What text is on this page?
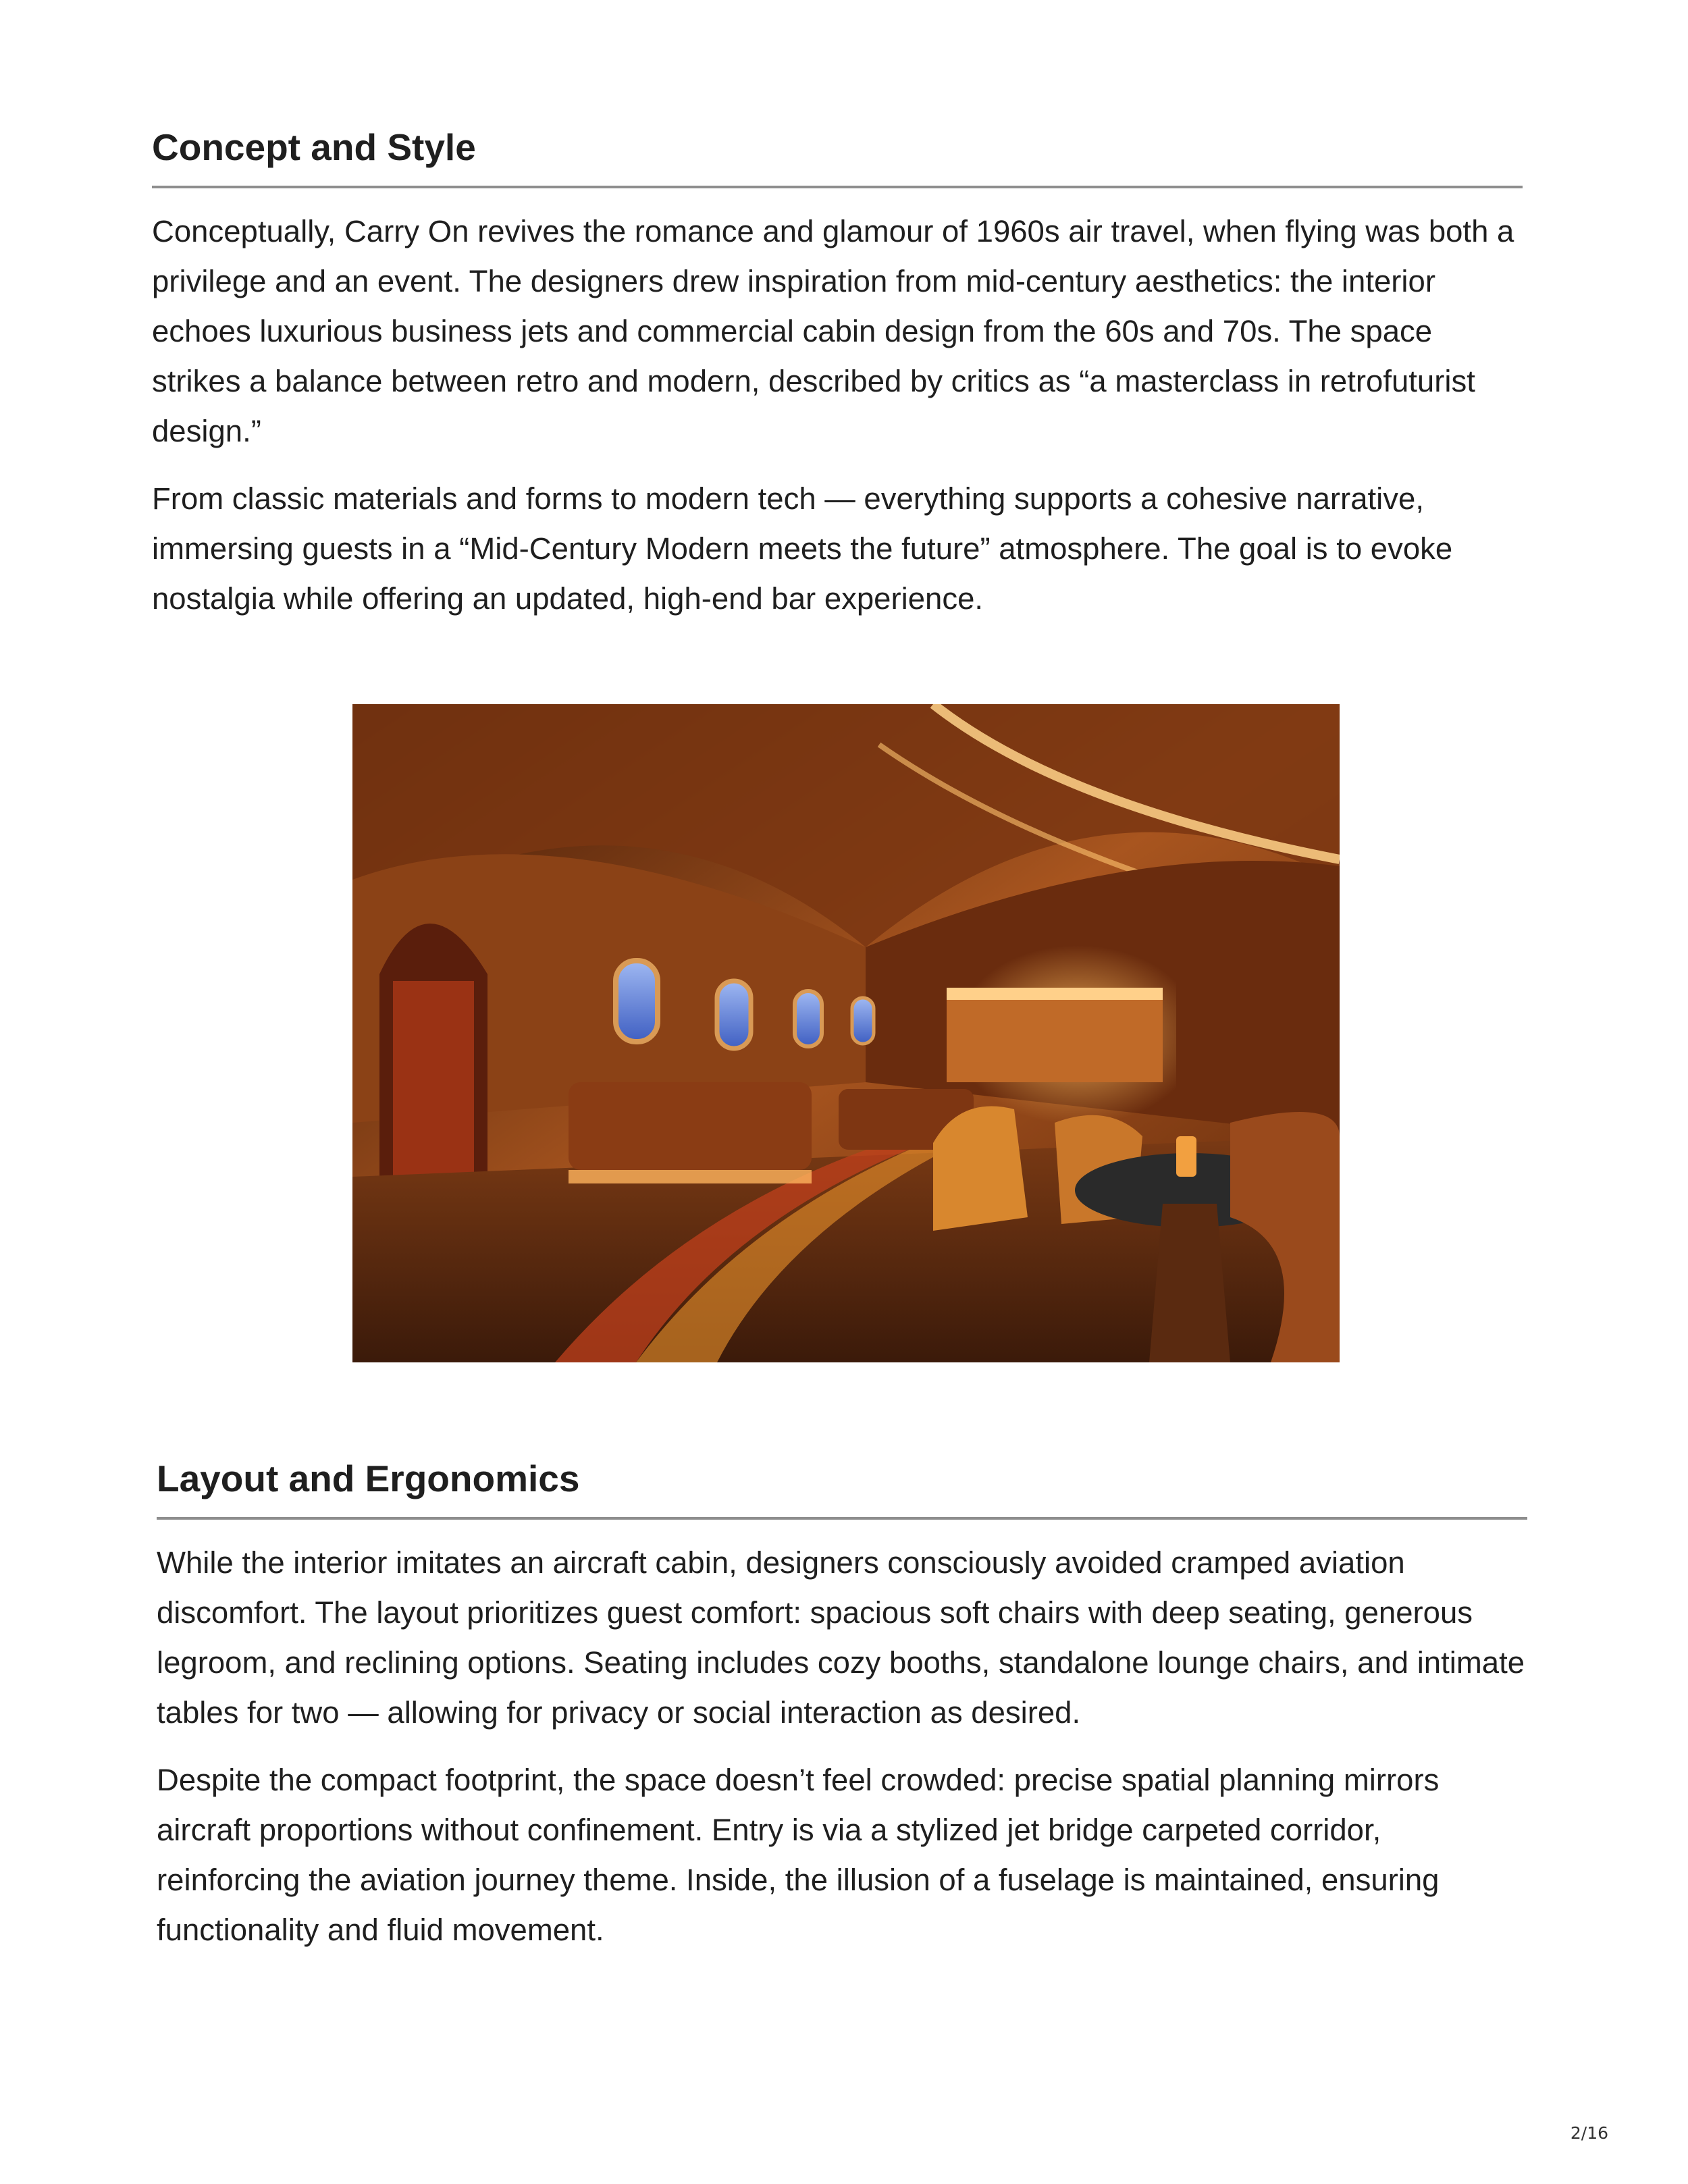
Concept and Style

Conceptually, Carry On revives the romance and glamour of 1960s air travel, when flying was both a privilege and an event. The designers drew inspiration from mid-century aesthetics: the interior echoes luxurious business jets and commercial cabin design from the 60s and 70s. The space strikes a balance between retro and modern, described by critics as “a masterclass in retrofuturist design.”

From classic materials and forms to modern tech — everything supports a cohesive narrative, immersing guests in a “Mid-Century Modern meets the future” atmosphere. The goal is to evoke nostalgia while offering an updated, high-end bar experience.

Layout and Ergonomics

While the interior imitates an aircraft cabin, designers consciously avoided cramped aviation discomfort. The layout prioritizes guest comfort: spacious soft chairs with deep seating, generous legroom, and reclining options. Seating includes cozy booths, standalone lounge chairs, and intimate tables for two — allowing for privacy or social interaction as desired.

Despite the compact footprint, the space doesn’t feel crowded: precise spatial planning mirrors aircraft proportions without confinement. Entry is via a stylized jet bridge carpeted corridor, reinforcing the aviation journey theme. Inside, the illusion of a fuselage is maintained, ensuring functionality and fluid movement.

2/16
